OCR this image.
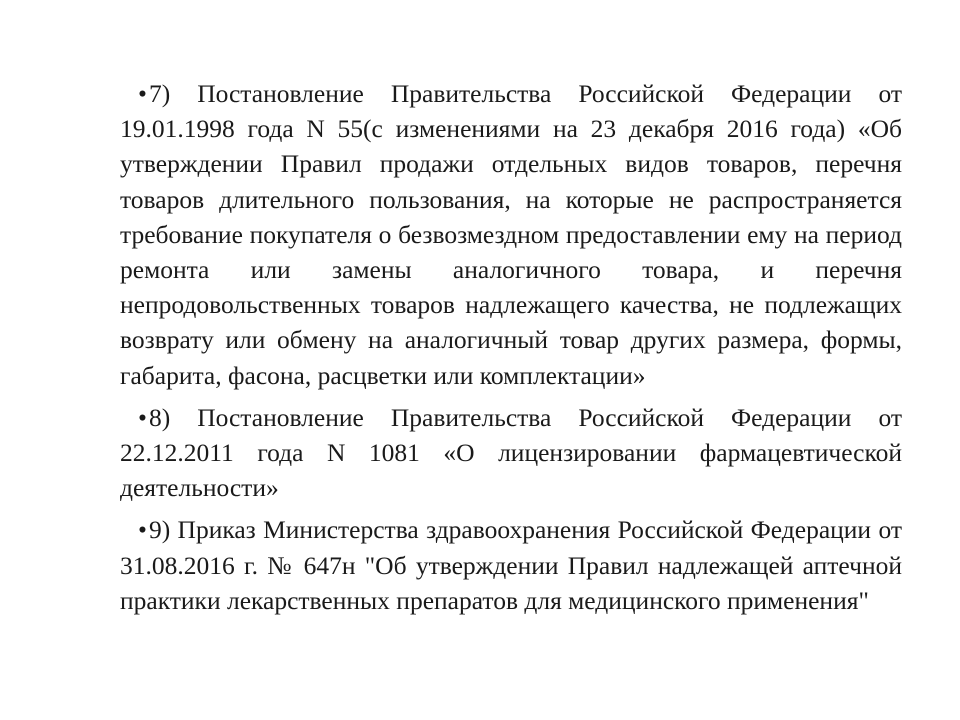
•7) Постановление Правительства Российской Федерации от 19.01.1998 года N 55(с изменениями на 23 декабря 2016 года) «Об утверждении Правил продажи отдельных видов товаров, перечня товаров длительного пользования, на которые не распространяется требование покупателя о безвозмездном предоставлении ему на период ремонта или замены аналогичного товара, и перечня непродовольственных товаров надлежащего качества, не подлежащих возврату или обмену на аналогичный товар других размера, формы, габарита, фасона, расцветки или комплектации»

•8) Постановление Правительства Российской Федерации от 22.12.2011 года N 1081 «О лицензировании фармацевтической деятельности»

•9) Приказ Министерства здравоохранения Российской Федерации от 31.08.2016 г. № 647н "Об утверждении Правил надлежащей аптечной практики лекарственных препаратов для медицинского применения"
